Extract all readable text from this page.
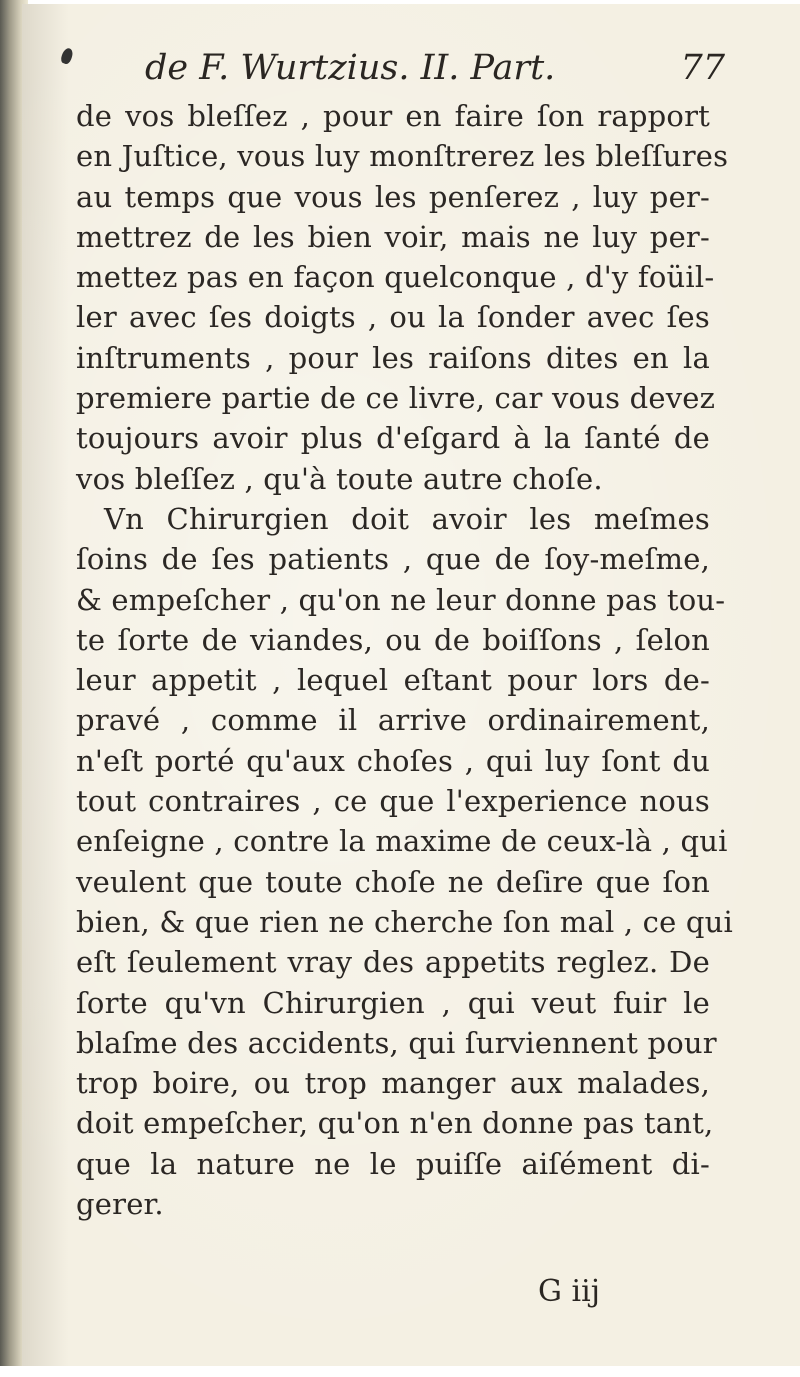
de F. Wurtzius. II. Part.	77
de vos bleſſez , pour en faire ſon rapport
en Juſtice, vous luy monſtrerez les bleſſures
au temps que vous les penſerez , luy per-
mettrez de les bien voir, mais ne luy per-
mettez pas en façon quelconque , d'y foüil-
ler avec ſes doigts , ou la ſonder avec ſes
inſtruments , pour les raiſons dites en la
premiere partie de ce livre, car vous devez
toujours avoir plus d'eſgard à la ſanté de
vos bleſſez , qu'à toute autre choſe.
Vn Chirurgien doit avoir les meſmes
ſoins de ſes patients , que de ſoy-meſme,
& empeſcher , qu'on ne leur donne pas tou-
te ſorte de viandes, ou de boiſſons , ſelon
leur appetit , lequel eſtant pour lors de-
pravé , comme il arrive ordinairement,
n'eſt porté qu'aux choſes , qui luy ſont du
tout contraires , ce que l'experience nous
enſeigne , contre la maxime de ceux-là , qui
veulent que toute choſe ne deſire que ſon
bien, & que rien ne cherche ſon mal , ce qui
eſt ſeulement vray des appetits reglez. De
ſorte qu'vn Chirurgien , qui veut fuir le
blaſme des accidents, qui ſurviennent pour
trop boire, ou trop manger aux malades,
doit empeſcher, qu'on n'en donne pas tant,
que la nature ne le puiſſe aiſément di-
gerer.
G iij
